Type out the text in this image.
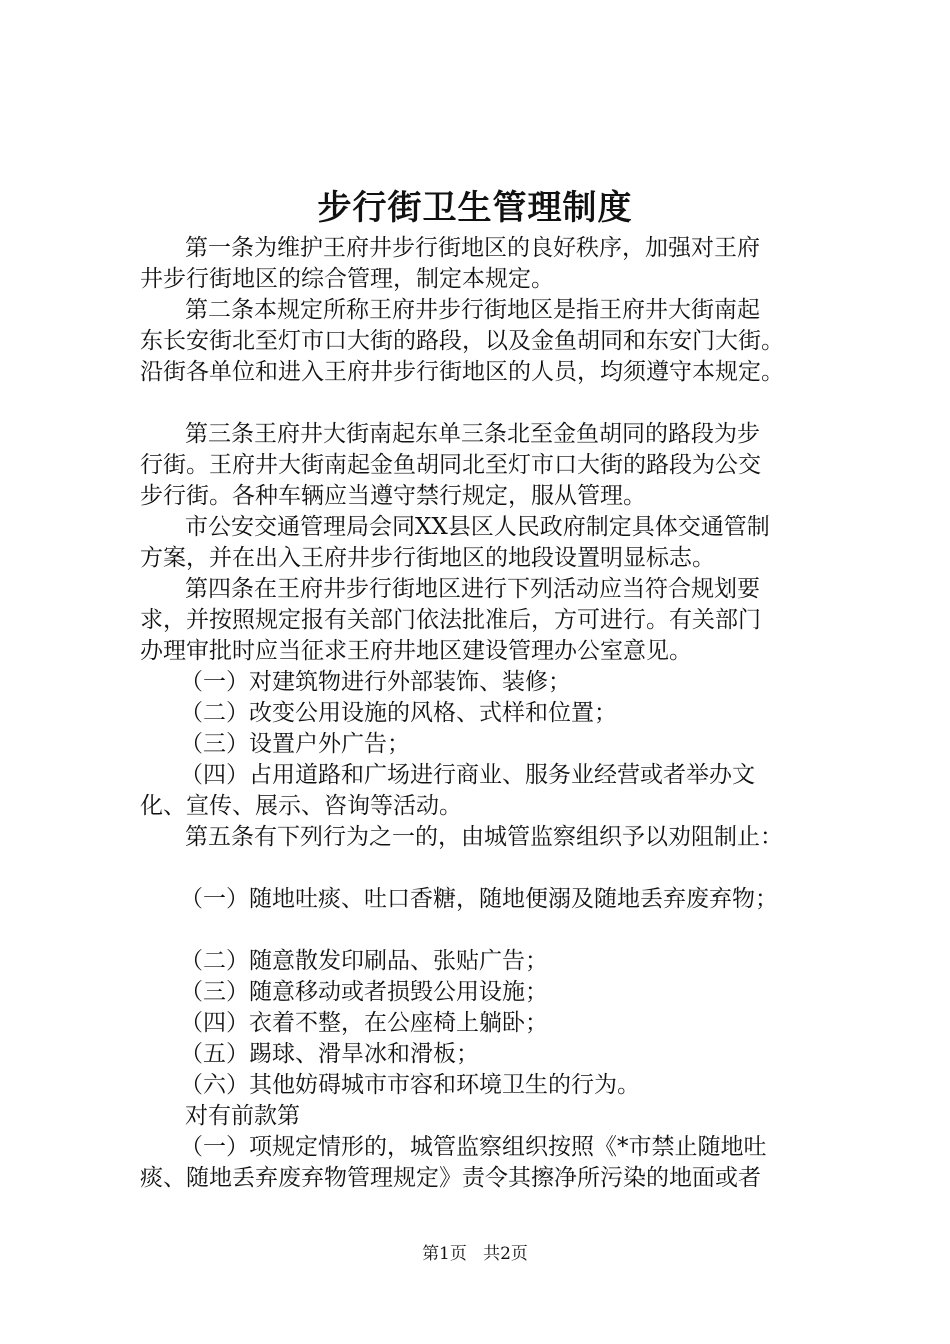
步行街卫生管理制度
第一条为维护王府井步行街地区的良好秩序，加强对王府
井步行街地区的综合管理，制定本规定。
第二条本规定所称王府井步行街地区是指王府井大街南起
东长安街北至灯市口大街的路段，以及金鱼胡同和东安门大街。
沿街各单位和进入王府井步行街地区的人员，均须遵守本规定。
第三条王府井大街南起东单三条北至金鱼胡同的路段为步
行街。王府井大街南起金鱼胡同北至灯市口大街的路段为公交
步行街。各种车辆应当遵守禁行规定，服从管理。
市公安交通管理局会同XX县区人民政府制定具体交通管制
方案，并在出入王府井步行街地区的地段设置明显标志。
第四条在王府井步行街地区进行下列活动应当符合规划要
求，并按照规定报有关部门依法批准后，方可进行。有关部门
办理审批时应当征求王府井地区建设管理办公室意见。
（一）对建筑物进行外部装饰、装修；
（二）改变公用设施的风格、式样和位置；
（三）设置户外广告；
（四）占用道路和广场进行商业、服务业经营或者举办文
化、宣传、展示、咨询等活动。
第五条有下列行为之一的，由城管监察组织予以劝阻制止：
（一）随地吐痰、吐口香糖，随地便溺及随地丢弃废弃物；
（二）随意散发印刷品、张贴广告；
（三）随意移动或者损毁公用设施；
（四）衣着不整，在公座椅上躺卧；
（五）踢球、滑旱冰和滑板；
（六）其他妨碍城市市容和环境卫生的行为。
对有前款第
（一）项规定情形的，城管监察组织按照《*市禁止随地吐
痰、随地丢弃废弃物管理规定》责令其擦净所污染的地面或者
第1页 共2页
